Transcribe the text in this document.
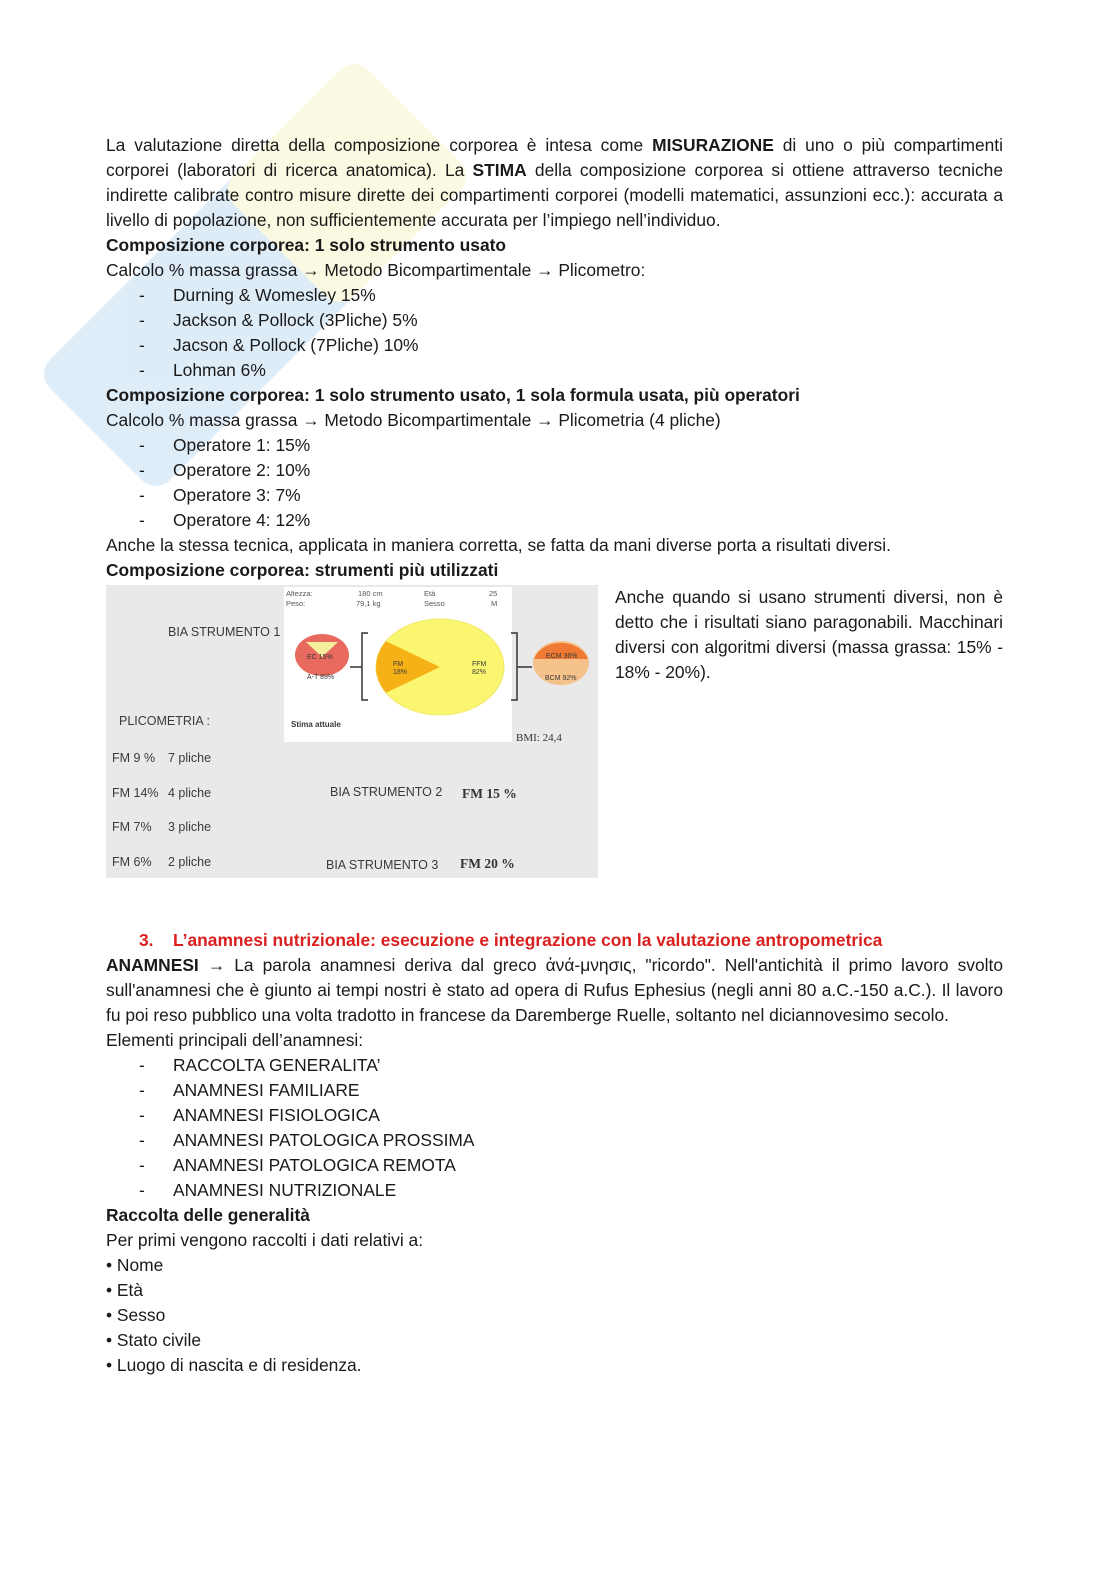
La valutazione diretta della composizione corporea è intesa come MISURAZIONE di uno o più compartimenti corporei (laboratori di ricerca anatomica). La STIMA della composizione corporea si ottiene attraverso tecniche indirette calibrate contro misure dirette dei compartimenti corporei (modelli matematici, assunzioni ecc.): accurata a livello di popolazione, non sufficientemente accurata per l’impiego nell’individuo.

Composizione corporea: 1 solo strumento usato

Calcolo % massa grassa → Metodo Bicompartimentale → Plicometro:

- Durning & Womesley 15%
- Jackson & Pollock (3Pliche) 5%
- Jacson & Pollock (7Pliche) 10%
- Lohman 6%

Composizione corporea: 1 solo strumento usato, 1 sola formula usata, più operatori

Calcolo % massa grassa → Metodo Bicompartimentale → Plicometria (4 pliche)

- Operatore 1: 15%
- Operatore 2: 10%
- Operatore 3: 7%
- Operatore 4: 12%

Anche la stessa tecnica, applicata in maniera corretta, se fatta da mani diverse porta a risultati diversi.

Composizione corporea: strumenti più utilizzati

Altezza:	180 cm
Peso:	79,1 kg
Età	25
Sesso	M
EC 15%
A-T 89%
FM
18%
FFM
82%
ECM 36%
BCM 92%
BIA STRUMENTO 1
Stima attuale
BMI: 24,4
PLICOMETRIA :
FM 9 % 7 pliche
FM 14% 4 pliche
FM 7% 3 pliche
FM 6% 2 pliche
BIA STRUMENTO 2 FM 15 %
BIA STRUMENTO 3 FM 20 %

Anche quando si usano strumenti diversi, non è detto che i risultati siano paragonabili. Macchinari diversi con algoritmi diversi (massa grassa: 15% - 18% - 20%).

3. L’anamnesi nutrizionale: esecuzione e integrazione con la valutazione antropometrica

ANAMNESI → La parola anamnesi deriva dal greco ἀνά-μνησις, "ricordo". Nell'antichità il primo lavoro svolto sull'anamnesi che è giunto ai tempi nostri è stato ad opera di Rufus Ephesius (negli anni 80 a.C.-150 a.C.). Il lavoro fu poi reso pubblico una volta tradotto in francese da Daremberge Ruelle, soltanto nel diciannovesimo secolo.

Elementi principali dell’anamnesi:

- RACCOLTA GENERALITA’
- ANAMNESI FAMILIARE
- ANAMNESI FISIOLOGICA
- ANAMNESI PATOLOGICA PROSSIMA
- ANAMNESI PATOLOGICA REMOTA
- ANAMNESI NUTRIZIONALE

Raccolta delle generalità

Per primi vengono raccolti i dati relativi a:

• Nome
• Età
• Sesso
• Stato civile
• Luogo di nascita e di residenza.
